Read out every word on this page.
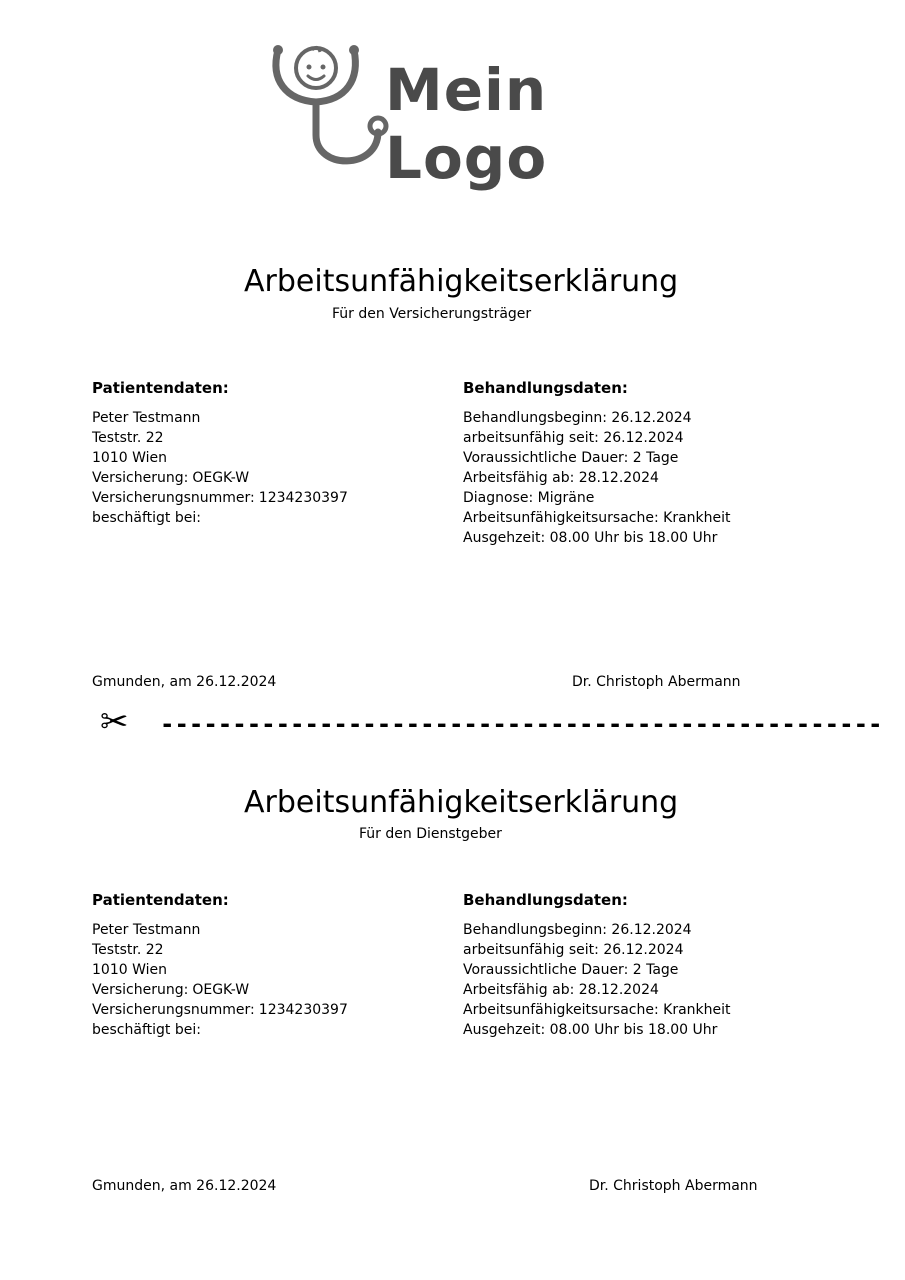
Mein Logo
Arbeitsunfähigkeitserklärung
Für den Versicherungsträger
Patientendaten:
Peter Testmann
Teststr. 22
1010 Wien
Versicherung: OEGK-W
Versicherungsnummer: 1234230397
beschäftigt bei:
Behandlungsdaten:
Behandlungsbeginn: 26.12.2024
arbeitsunfähig seit: 26.12.2024
Voraussichtliche Dauer: 2 Tage
Arbeitsfähig ab: 28.12.2024
Diagnose: Migräne
Arbeitsunfähigkeitsursache: Krankheit
Ausgehzeit: 08.00 Uhr bis 18.00 Uhr
Gmunden, am 26.12.2024	Dr. Christoph Abermann
✂ --------------------------------------------------
Arbeitsunfähigkeitserklärung
Für den Dienstgeber
Patientendaten:
Peter Testmann
Teststr. 22
1010 Wien
Versicherung: OEGK-W
Versicherungsnummer: 1234230397
beschäftigt bei:
Behandlungsdaten:
Behandlungsbeginn: 26.12.2024
arbeitsunfähig seit: 26.12.2024
Voraussichtliche Dauer: 2 Tage
Arbeitsfähig ab: 28.12.2024
Arbeitsunfähigkeitsursache: Krankheit
Ausgehzeit: 08.00 Uhr bis 18.00 Uhr
Gmunden, am 26.12.2024	Dr. Christoph Abermann
